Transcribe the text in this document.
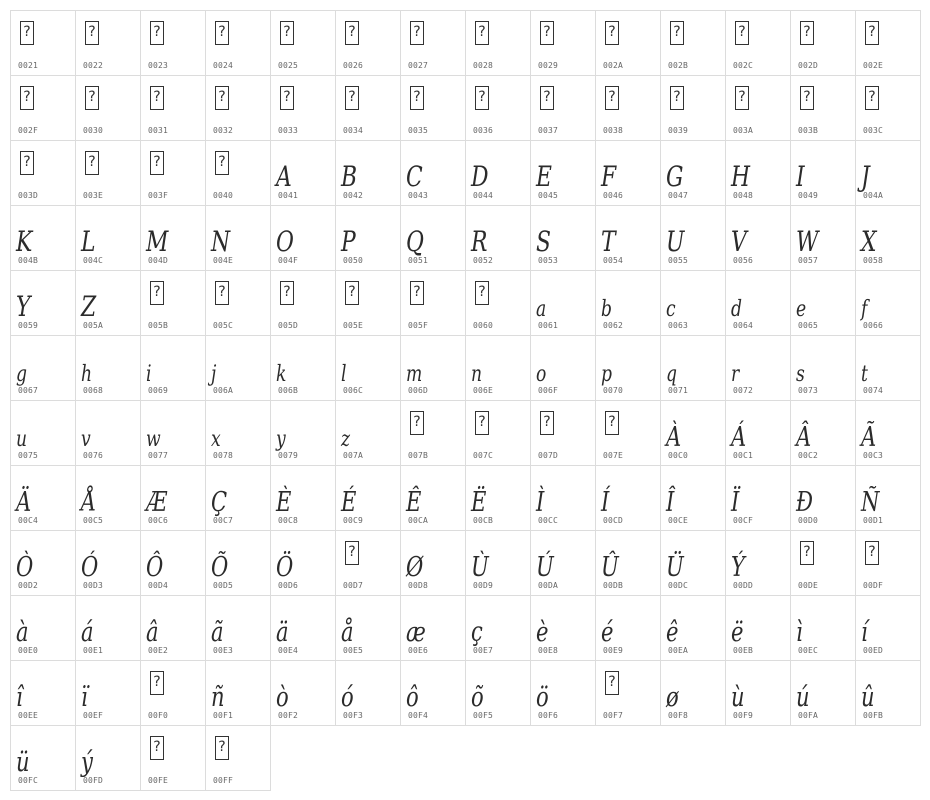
?
0021
?
0022
?
0023
?
0024
?
0025
?
0026
?
0027
?
0028
?
0029
?
002A
?
002B
?
002C
?
002D
?
002E
?
002F
?
0030
?
0031
?
0032
?
0033
?
0034
?
0035
?
0036
?
0037
?
0038
?
0039
?
003A
?
003B
?
003C
?
003D
?
003E
?
003F
?
0040
A
0041
B
0042
C
0043
D
0044
E
0045
F
0046
G
0047
H
0048
I
0049
J
004A
K
004B
L
004C
M
004D
N
004E
O
004F
P
0050
Q
0051
R
0052
S
0053
T
0054
U
0055
V
0056
W
0057
X
0058
Y
0059
Z
005A
?
005B
?
005C
?
005D
?
005E
?
005F
?
0060
a
0061
b
0062
c
0063
d
0064
e
0065
f
0066
g
0067
h
0068
i
0069
j
006A
k
006B
l
006C
m
006D
n
006E
o
006F
p
0070
q
0071
r
0072
s
0073
t
0074
u
0075
v
0076
w
0077
x
0078
y
0079
z
007A
?
007B
?
007C
?
007D
?
007E
À
00C0
Á
00C1
Â
00C2
Ã
00C3
Ä
00C4
Å
00C5
Æ
00C6
Ç
00C7
È
00C8
É
00C9
Ê
00CA
Ë
00CB
Ì
00CC
Í
00CD
Î
00CE
Ï
00CF
Ð
00D0
Ñ
00D1
Ò
00D2
Ó
00D3
Ô
00D4
Õ
00D5
Ö
00D6
?
00D7
Ø
00D8
Ù
00D9
Ú
00DA
Û
00DB
Ü
00DC
Ý
00DD
?
00DE
?
00DF
à
00E0
á
00E1
â
00E2
ã
00E3
ä
00E4
å
00E5
æ
00E6
ç
00E7
è
00E8
é
00E9
ê
00EA
ë
00EB
ì
00EC
í
00ED
î
00EE
ï
00EF
?
00F0
ñ
00F1
ò
00F2
ó
00F3
ô
00F4
õ
00F5
ö
00F6
?
00F7
ø
00F8
ù
00F9
ú
00FA
û
00FB
ü
00FC
ý
00FD
?
00FE
?
00FF
